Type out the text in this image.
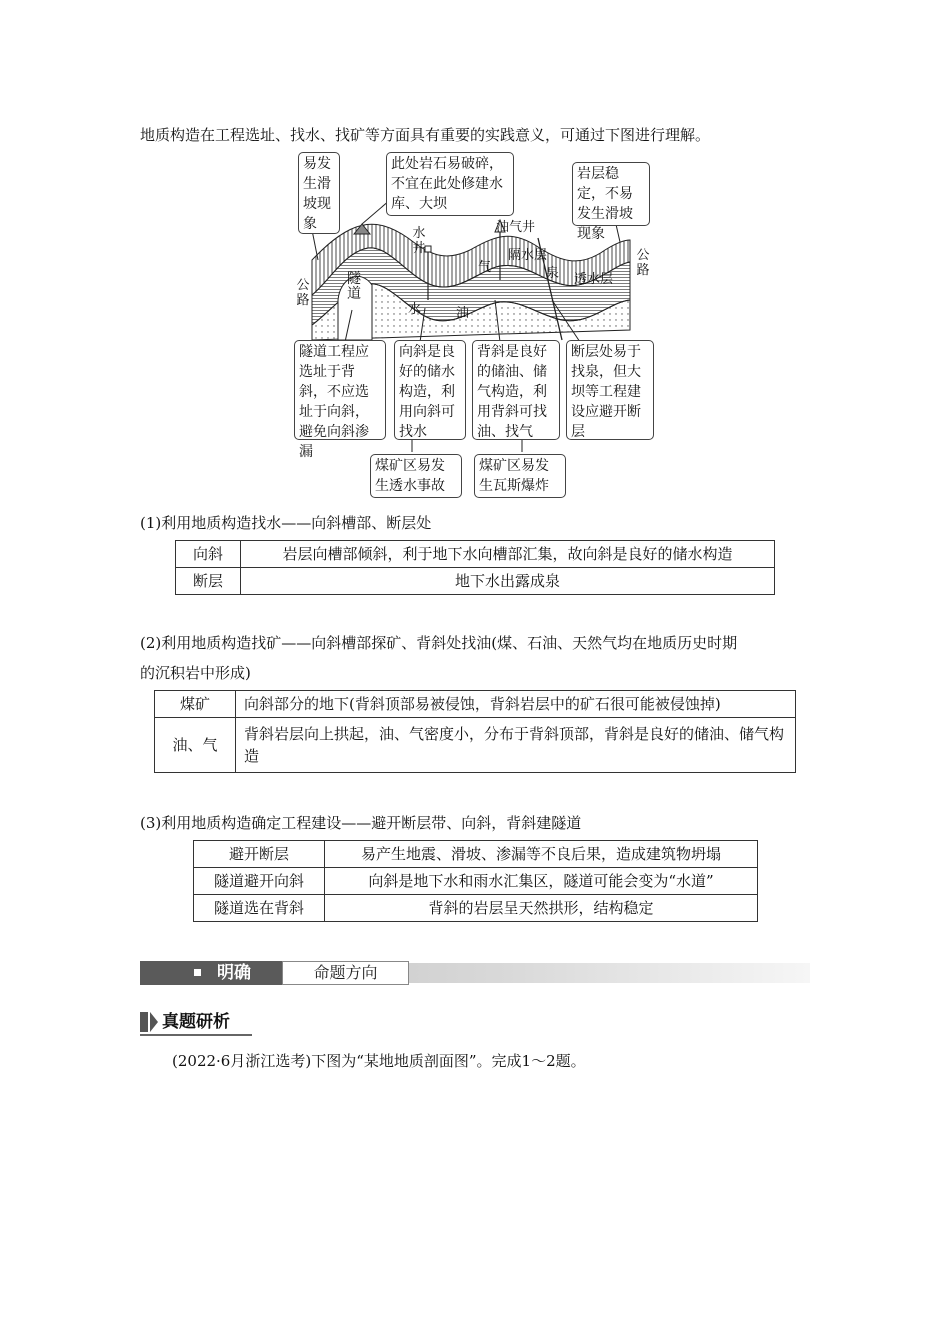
地质构造在工程选址、找水、找矿等方面具有重要的实践意义，可通过下图进行理解。
易发生滑坡现象
此处岩石易破碎，不宜在此处修建水库、大坝
岩层稳定，不易发生滑坡现象
公路
公路
隧道
水井
油气井
隔水层
泉 透水层
水
气
油
隧道工程应选址于背斜，不应选址于向斜，避免向斜渗漏
向斜是良好的储水构造，利用向斜可找水
背斜是良好的储油、储气构造，利用背斜可找油、找气
断层处易于找泉，但大坝等工程建设应避开断层
煤矿区易发生透水事故
煤矿区易发生瓦斯爆炸
(1)利用地质构造找水——向斜槽部、断层处
向斜	岩层向槽部倾斜，利于地下水向槽部汇集，故向斜是良好的储水构造
断层	地下水出露成泉
(2)利用地质构造找矿——向斜槽部探矿、背斜处找油(煤、石油、天然气均在地质历史时期
的沉积岩中形成)
煤矿	向斜部分的地下(背斜顶部易被侵蚀，背斜岩层中的矿石很可能被侵蚀掉)
油、气	背斜岩层向上拱起，油、气密度小，分布于背斜顶部，背斜是良好的储油、储气构造
(3)利用地质构造确定工程建设——避开断层带、向斜，背斜建隧道
避开断层	易产生地震、滑坡、渗漏等不良后果，造成建筑物坍塌
隧道避开向斜	向斜是地下水和雨水汇集区，隧道可能会变为“水道”
隧道选在背斜	背斜的岩层呈天然拱形，结构稳定
明确	命题方向
真题研析
(2022·6月浙江选考)下图为“某地地质剖面图”。完成1～2题。
